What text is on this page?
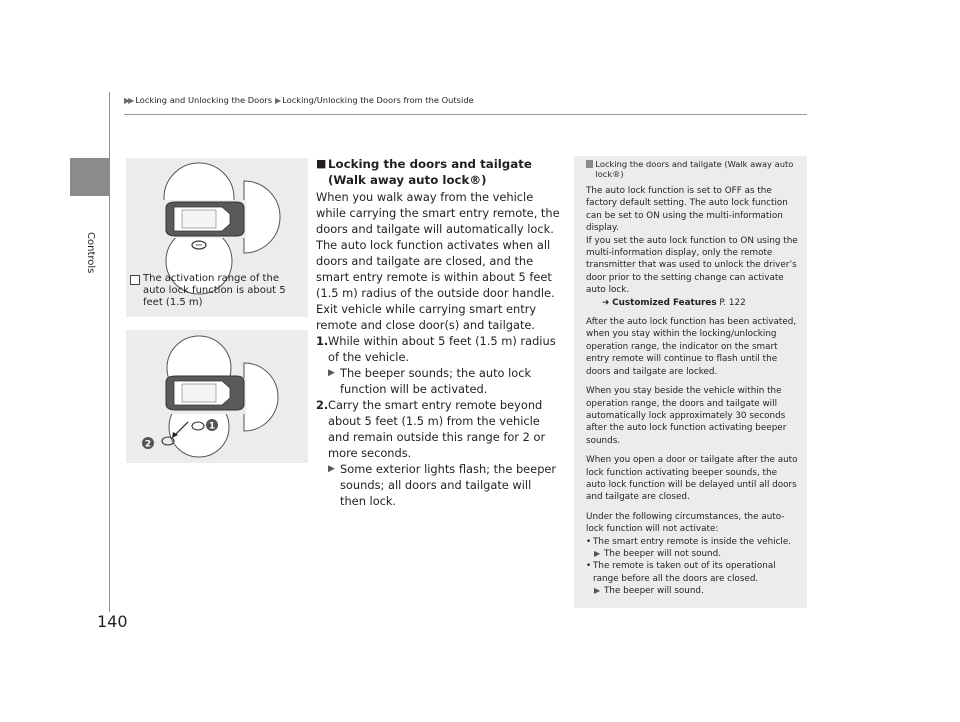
▶▶ Locking and Unlocking the Doors ▶ Locking/Unlocking the Doors from the Outside
Controls
140
The activation range of the auto lock function is about 5 feet (1.5 m)
1
2
■ Locking the doors and tailgate (Walk away auto lock®)

When you walk away from the vehicle while carrying the smart entry remote, the doors and tailgate will automatically lock.

The auto lock function activates when all doors and tailgate are closed, and the smart entry remote is within about 5 feet (1.5 m) radius of the outside door handle.

Exit vehicle while carrying smart entry remote and close door(s) and tailgate.

1. While within about 5 feet (1.5 m) radius of the vehicle.
▶ The beeper sounds; the auto lock function will be activated.
2. Carry the smart entry remote beyond about 5 feet (1.5 m) from the vehicle and remain outside this range for 2 or more seconds.
▶ Some exterior lights flash; the beeper sounds; all doors and tailgate will then lock.
Locking the doors and tailgate (Walk away auto lock®)

The auto lock function is set to OFF as the factory default setting. The auto lock function can be set to ON using the multi-information display.
If you set the auto lock function to ON using the multi-information display, only the remote transmitter that was used to unlock the driver’s door prior to the setting change can activate auto lock.
➜ Customized Features P. 122

After the auto lock function has been activated, when you stay within the locking/unlocking operation range, the indicator on the smart entry remote will continue to flash until the doors and tailgate are locked.

When you stay beside the vehicle within the operation range, the doors and tailgate will automatically lock approximately 30 seconds after the auto lock function activating beeper sounds.

When you open a door or tailgate after the auto lock function activating beeper sounds, the auto lock function will be delayed until all doors and tailgate are closed.

Under the following circumstances, the auto-lock function will not activate:

• The smart entry remote is inside the vehicle.
▶ The beeper will not sound.
• The remote is taken out of its operational range before all the doors are closed.
▶ The beeper will sound.
